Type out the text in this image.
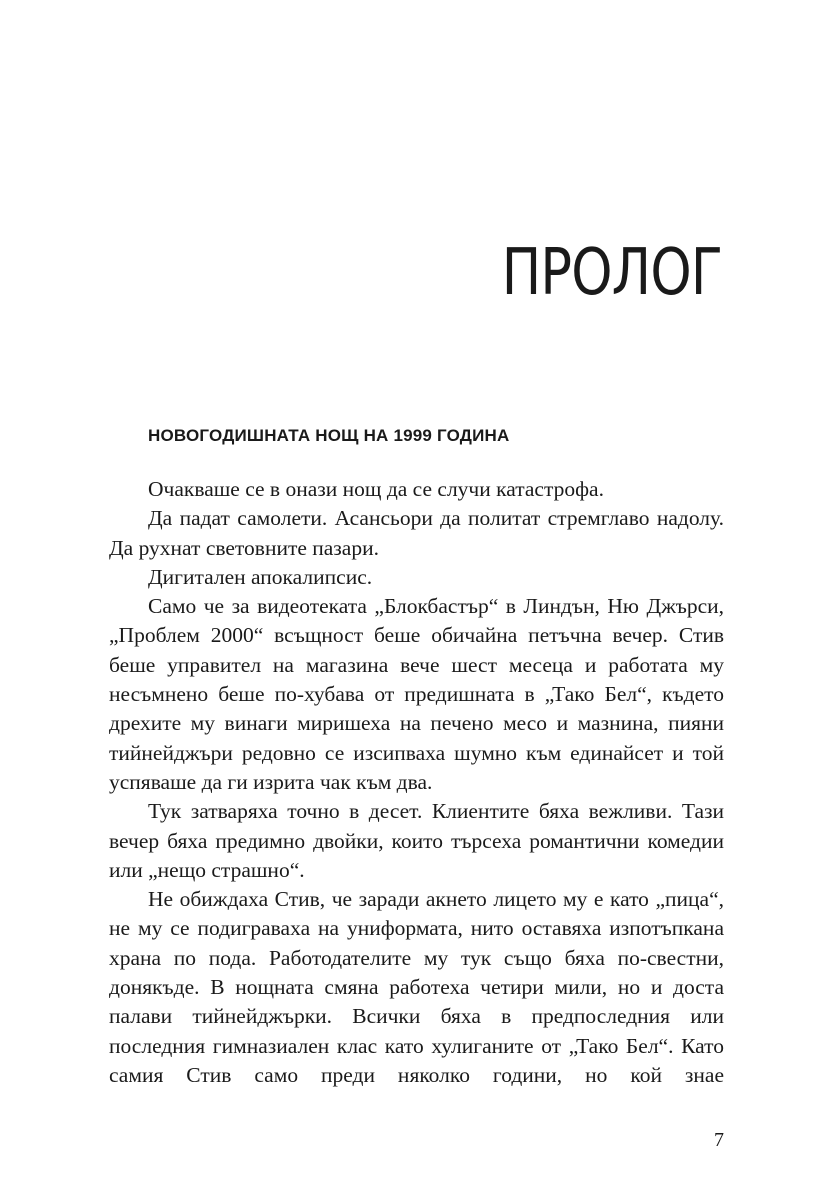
ПРОЛОГ
НОВОГОДИШНАТА НОЩ НА 1999 ГОДИНА

Очакваше се в онази нощ да се случи катастрофа.

Да падат самолети. Асансьори да политат стремглаво надолу. Да рухнат световните пазари.

Дигитален апокалипсис.

Само че за видеотеката „Блокбастър“ в Линдън, Ню Джърси, „Проблем 2000“ всъщност беше обичайна петъчна вечер. Стив беше управител на магазина вече шест месеца и работата му несъмнено беше по-хубава от предишната в „Тако Бел“, където дрехите му винаги миришеха на печено месо и мазнина, пияни тийнейджъри редовно се изсипваха шумно към единайсет и той успяваше да ги изрита чак към два.

Тук затваряха точно в десет. Клиентите бяха вежливи. Тази вечер бяха предимно двойки, които търсеха романтични комедии или „нещо страшно“.

Не обиждаха Стив, че заради акнето лицето му е като „пица“, не му се подиграваха на униформата, нито оставяха изпотъпкана храна по пода. Работодателите му тук също бяха по-свестни, донякъде. В нощната смяна работеха четири мили, но и доста палави тийнейджърки. Всички бяха в предпоследния или последния гимназиален клас като хулиганите от „Тако Бел“. Като самия Стив само преди няколко години, но кой знае

7
